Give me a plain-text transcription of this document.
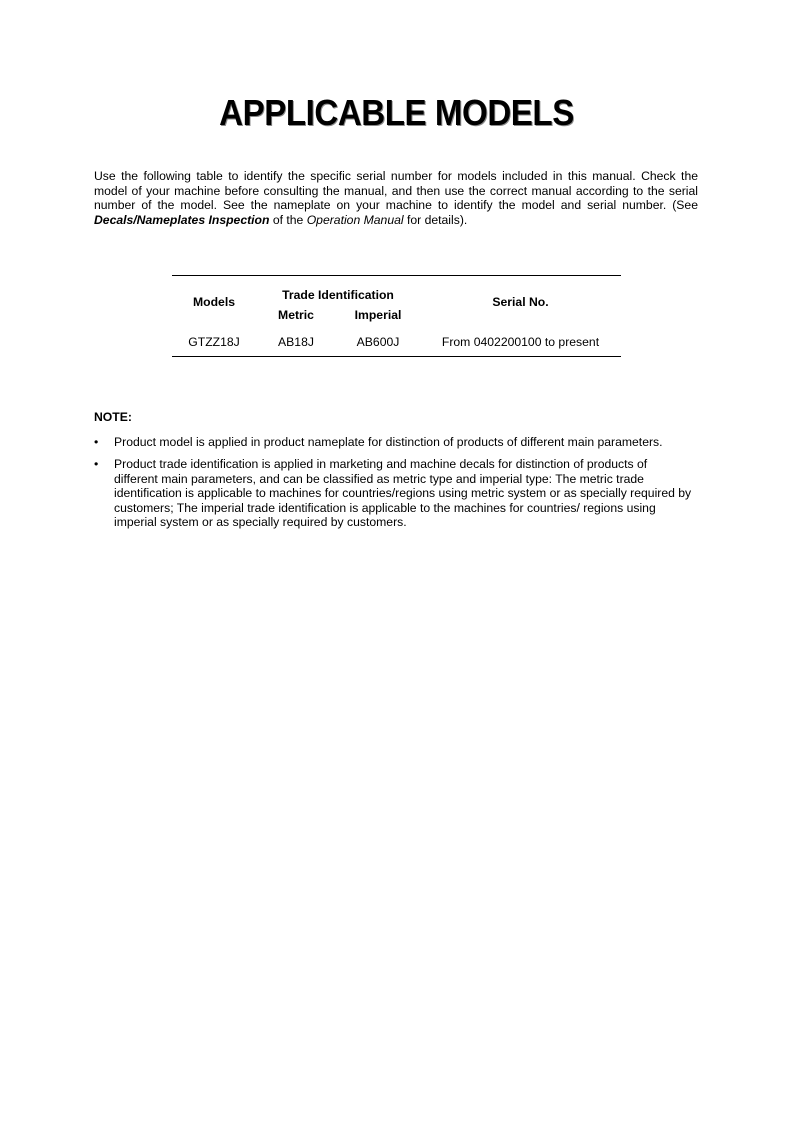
APPLICABLE MODELS

Use the following table to identify the specific serial number for models included in this manual. Check the model of your machine before consulting the manual, and then use the correct manual according to the serial number of the model. See the nameplate on your machine to identify the model and serial number. (See Decals/Nameplates Inspection of the Operation Manual for details).

Models	Trade Identification		Serial No.
	Metric	Imperial	
GTZZ18J	AB18J	AB600J	From 0402200100 to present

NOTE:

• Product model is applied in product nameplate for distinction of products of different main parameters.
• Product trade identification is applied in marketing and machine decals for distinction of products of different main parameters, and can be classified as metric type and imperial type: The metric trade identification is applicable to machines for countries/regions using metric system or as specially required by customers; The imperial trade identification is applicable to the machines for countries/ regions using imperial system or as specially required by customers.
